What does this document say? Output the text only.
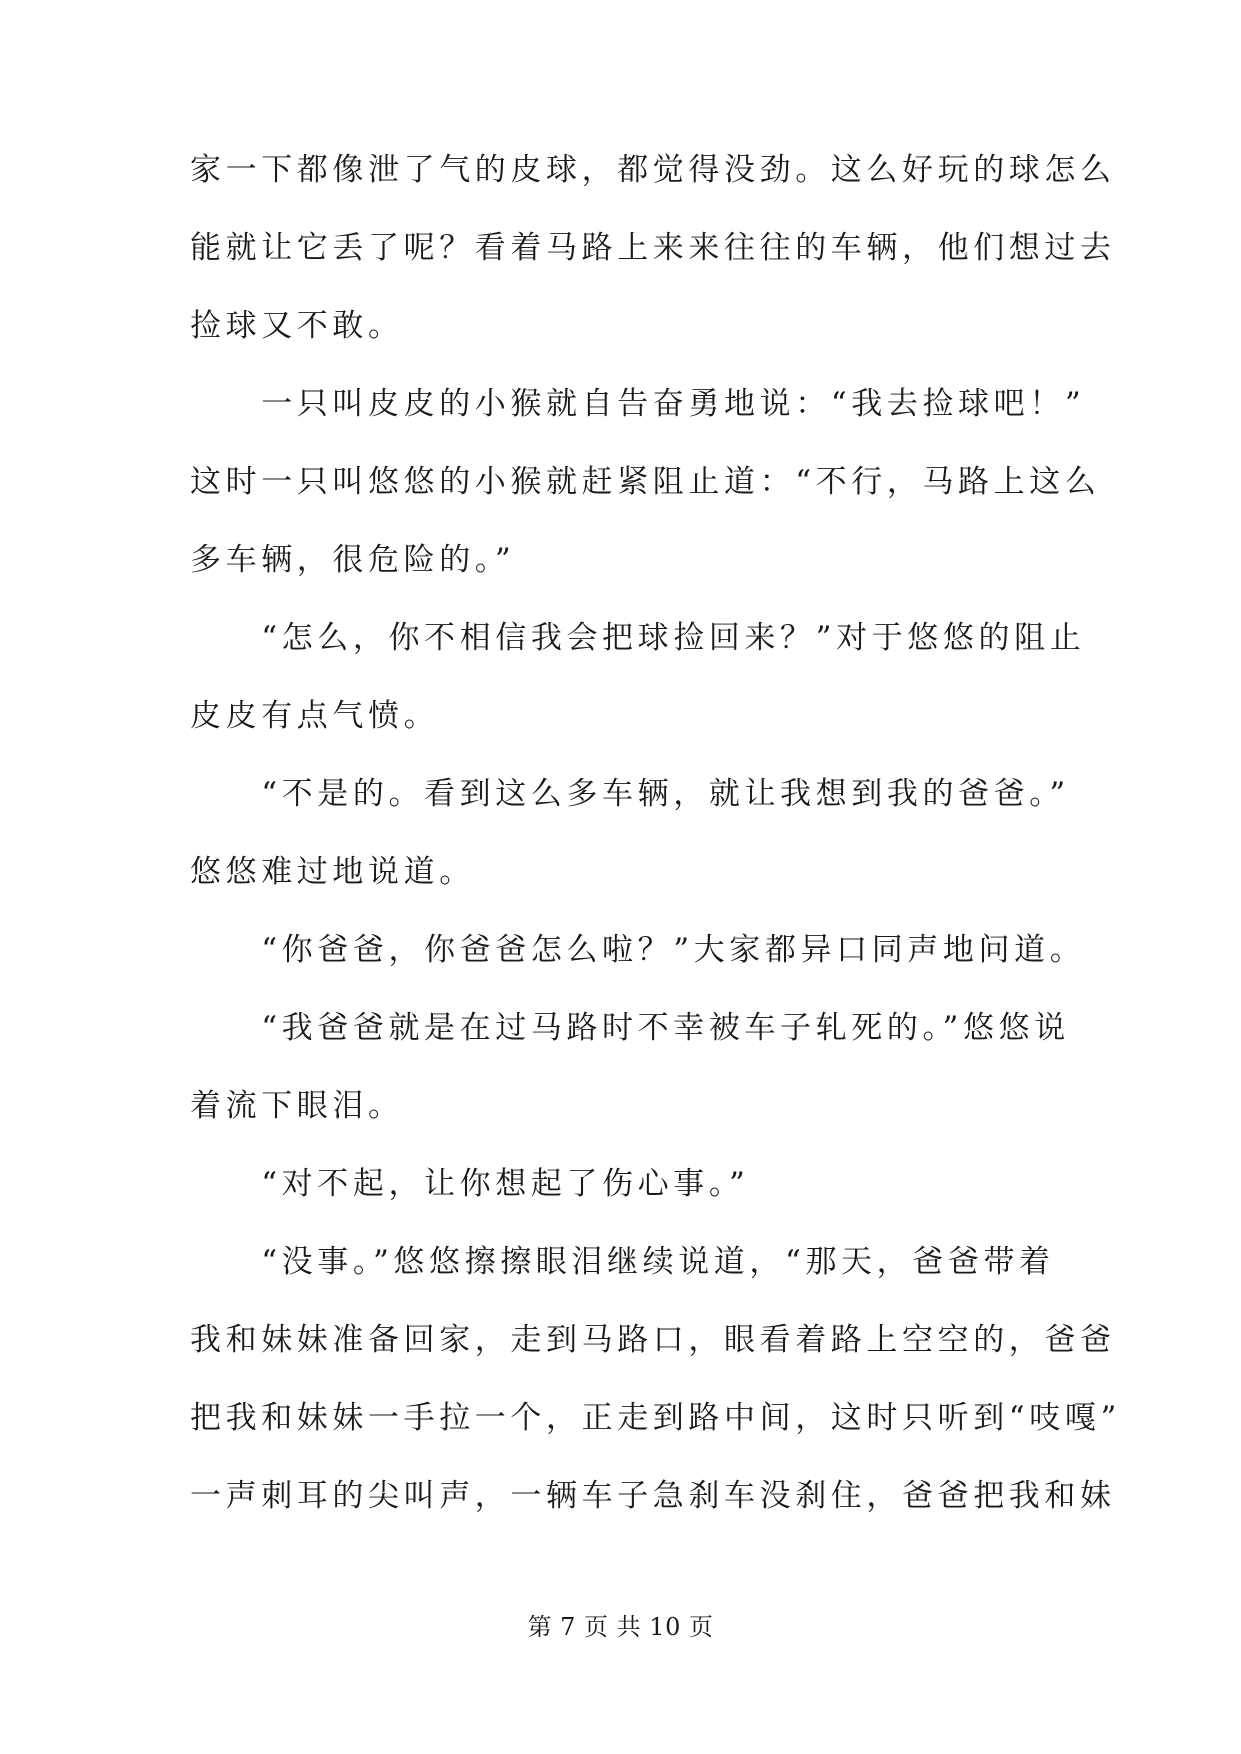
家一下都像泄了气的皮球，都觉得没劲。这么好玩的球怎么
能就让它丢了呢？看着马路上来来往往的车辆，他们想过去
捡球又不敢。
　　一只叫皮皮的小猴就自告奋勇地说：“我去捡球吧！”
这时一只叫悠悠的小猴就赶紧阻止道：“不行，马路上这么
多车辆，很危险的。”
　　“怎么，你不相信我会把球捡回来？”对于悠悠的阻止
皮皮有点气愤。
　　“不是的。看到这么多车辆，就让我想到我的爸爸。”
悠悠难过地说道。
　　“你爸爸，你爸爸怎么啦？”大家都异口同声地问道。
　　“我爸爸就是在过马路时不幸被车子轧死的。”悠悠说
着流下眼泪。
　　“对不起，让你想起了伤心事。”
　　“没事。”悠悠擦擦眼泪继续说道，“那天，爸爸带着
我和妹妹准备回家，走到马路口，眼看着路上空空的，爸爸
把我和妹妹一手拉一个，正走到路中间，这时只听到“吱嘎”
一声刺耳的尖叫声，一辆车子急刹车没刹住，爸爸把我和妹
第 7 页 共 10 页
